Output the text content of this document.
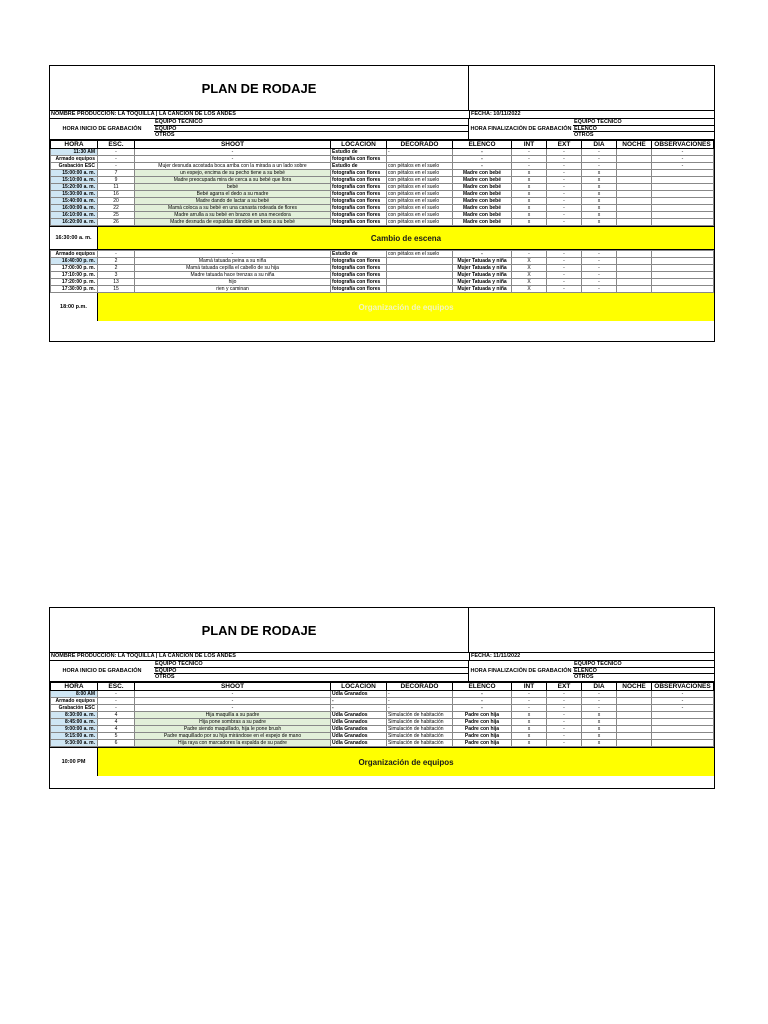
PLAN DE RODAJE
NOMBRE PRODUCCIÓN: LA TOQUILLA | LA CANCIÓN DE LOS ANDES	FECHA: 10/11/2022
HORA INICIO DE GRABACIÓN
EQUIPO TECNICO
EQUIPO
OTROS
HORA FINALIZACIÓN DE GRABACIÓN
EQUIPO TECNICO
ELENCO
OTROS
HORA	ESC.	SHOOT	LOCACIÓN	DECORADO	ELENCO	INT	EXT	DIA	NOCHE	OBSERVACIONES
11:30 AM	-	-	Estudio de	-	-	-	-	-		-
Armado equipos	-	-	fotografía con flores		-	-	-	-		-
Grabación ESC	-	Mujer desnuda acostada boca arriba con la mirada a un lado sobre	Estudio de	con pétalos en el suelo	-	-	-	-		-
15:00:00 a. m.	7	un espejo, encima de su pecho tiene a su bebé	fotografía con flores	con pétalos en el suelo	Madre con bebé	x	-	x		
15:10:00 a. m.	9	Madre preocupada mira de cerca a su bebé que llora	fotografía con flores	con pétalos en el suelo	Madre con bebé	x	-	x		
15:20:00 a. m.	11	bebé	fotografía con flores	con pétalos en el suelo	Madre con bebé	x	-	x		
15:30:00 a. m.	16	Bebé agarra el dedo a su madre	fotografía con flores	con pétalos en el suelo	Madre con bebé	x	-	x		
15:40:00 a. m.	20	Madre dando de lactar a su bebé	fotografía con flores	con pétalos en el suelo	Madre con bebé	x	-	x		
16:00:00 a. m.	22	Mamá coloca a su bebé en una canasta rodeada de flores	fotografía con flores	con pétalos en el suelo	Madre con bebé	x	-	x		
16:10:00 a. m.	25	Madre arrulla a su bebé en brazos en una mecedora	fotografía con flores	con pétalos en el suelo	Madre con bebé	x	-	x		
16:20:00 a. m.	26	Madre desnuda de espaldas dándole un beso a su bebé	fotografía con flores	con pétalos en el suelo	Madre con bebé	x	-	x		
16:30:00 a. m.	Cambio de escena
Armado equipos	-	-	Estudio de	con pétalos en el suelo	-	-	-	-		
16:40:00 p. m.	2	Mamá tatuada peina a su niña	fotografía con flores		Mujer Tatuada y niña	X	-	-		
17:00:00 p. m.	2	Mamá tatuada cepilla el cabello de su hija	fotografía con flores		Mujer Tatuada y niña	X	-	-		
17:10:00 p. m.	3	Madre tatuada hace trenzas a su niña	fotografía con flores		Mujer Tatuada y niña	X	-	-		
17:20:00 p. m.	13	hijo	fotografía con flores		Mujer Tatuada y niña	X	-	-		
17:30:00 p. m.	15	rien y caminan	fotografía con flores		Mujer Tatuada y niña	X	-	-		
18:00 p.m.	Organización de equipos
PLAN DE RODAJE
NOMBRE PRODUCCIÓN: LA TOQUILLA | LA CANCIÓN DE LOS ANDES	FECHA: 11/11/2022
HORA INICIO DE GRABACIÓN
EQUIPO TECNICO
EQUIPO
OTROS
HORA FINALIZACIÓN DE GRABACIÓN
EQUIPO TECNICO
ELENCO
OTROS
HORA	ESC.	SHOOT	LOCACIÓN	DECORADO	ELENCO	INT	EXT	DIA	NOCHE	OBSERVACIONES
8:00 AM	-	-	Udla Granados	-	-	-	-	-		-
Armado equipos	-	-	-	-	-	-	-	-		-
Grabación ESC	-	-	-	-	-	-	-	-		-
8:30:00 a. m.	4	Hija maquilla a su padre	Udla Granados	Simulación de habitación	Padre con hija	x	-	x		
8:45:00 a. m.	4	Hija pone sombras a su padre	Udla Granados	Simulación de habitación	Padre con hija	x	-	x		
9:00:00 a. m.	4	Padre siendo maquillado, hija le pone brush	Udla Granados	Simulación de habitación	Padre con hija	x	-	x		
9:15:00 a. m.	5	Padre maquillado por su hija mirándose en el espejo de mano	Udla Granados	Simulación de habitación	Padre con hija	x	-	x		
9:30:00 a. m.	6	Hija raya con marcadores la espalda de su padre	Udla Granados	Simulación de habitación	Padre con hija	x	-	x		
10:00 PM	Organización de equipos
